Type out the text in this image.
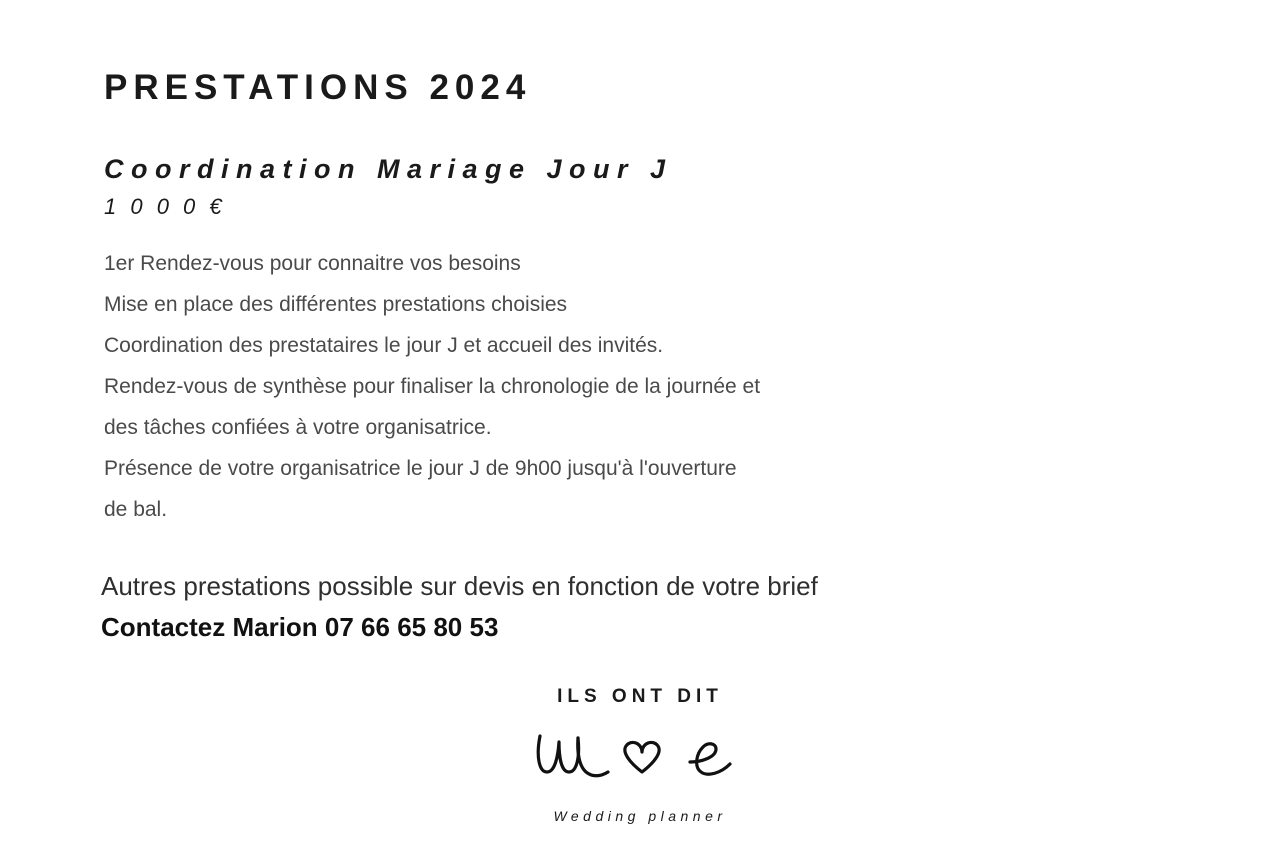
PRESTATIONS 2024
Coordination Mariage Jour J
1 0 0 0 €
1er Rendez-vous pour connaitre vos besoins
Mise en place des différentes prestations choisies
Coordination des prestataires le jour J et accueil des invités.
Rendez-vous de synthèse pour finaliser la chronologie de la journée et
des tâches confiées à votre organisatrice.
Présence de votre organisatrice le jour J de 9h00 jusqu'à l'ouverture
de bal.
Autres prestations possible sur devis en fonction de votre brief
Contactez Marion 07 66 65 80 53
ILS ONT DIT
Wedding planner
